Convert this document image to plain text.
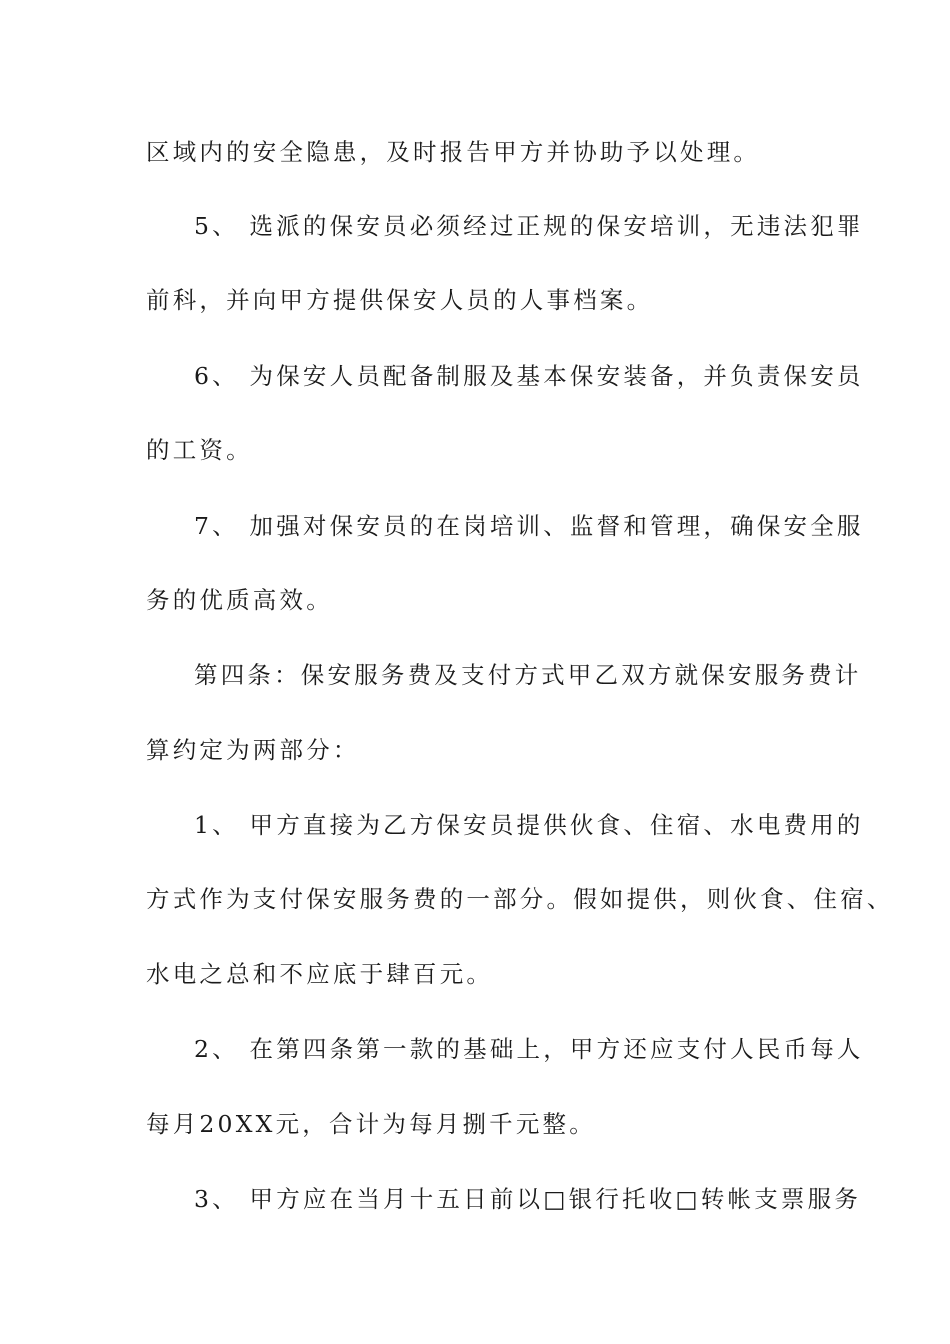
区域内的安全隐患，及时报告甲方并协助予以处理。
5、 选派的保安员必须经过正规的保安培训，无违法犯罪
前科，并向甲方提供保安人员的人事档案。
6、 为保安人员配备制服及基本保安装备，并负责保安员
的工资。
7、 加强对保安员的在岗培训、监督和管理，确保安全服
务的优质高效。
第四条：保安服务费及支付方式甲乙双方就保安服务费计
算约定为两部分：
1、 甲方直接为乙方保安员提供伙食、住宿、水电费用的
方式作为支付保安服务费的一部分。假如提供，则伙食、住宿、
水电之总和不应底于肆百元。
2、 在第四条第一款的基础上，甲方还应支付人民币每人
每月20XX元，合计为每月捌千元整。
3、 甲方应在当月十五日前以□银行托收□转帐支票服务
